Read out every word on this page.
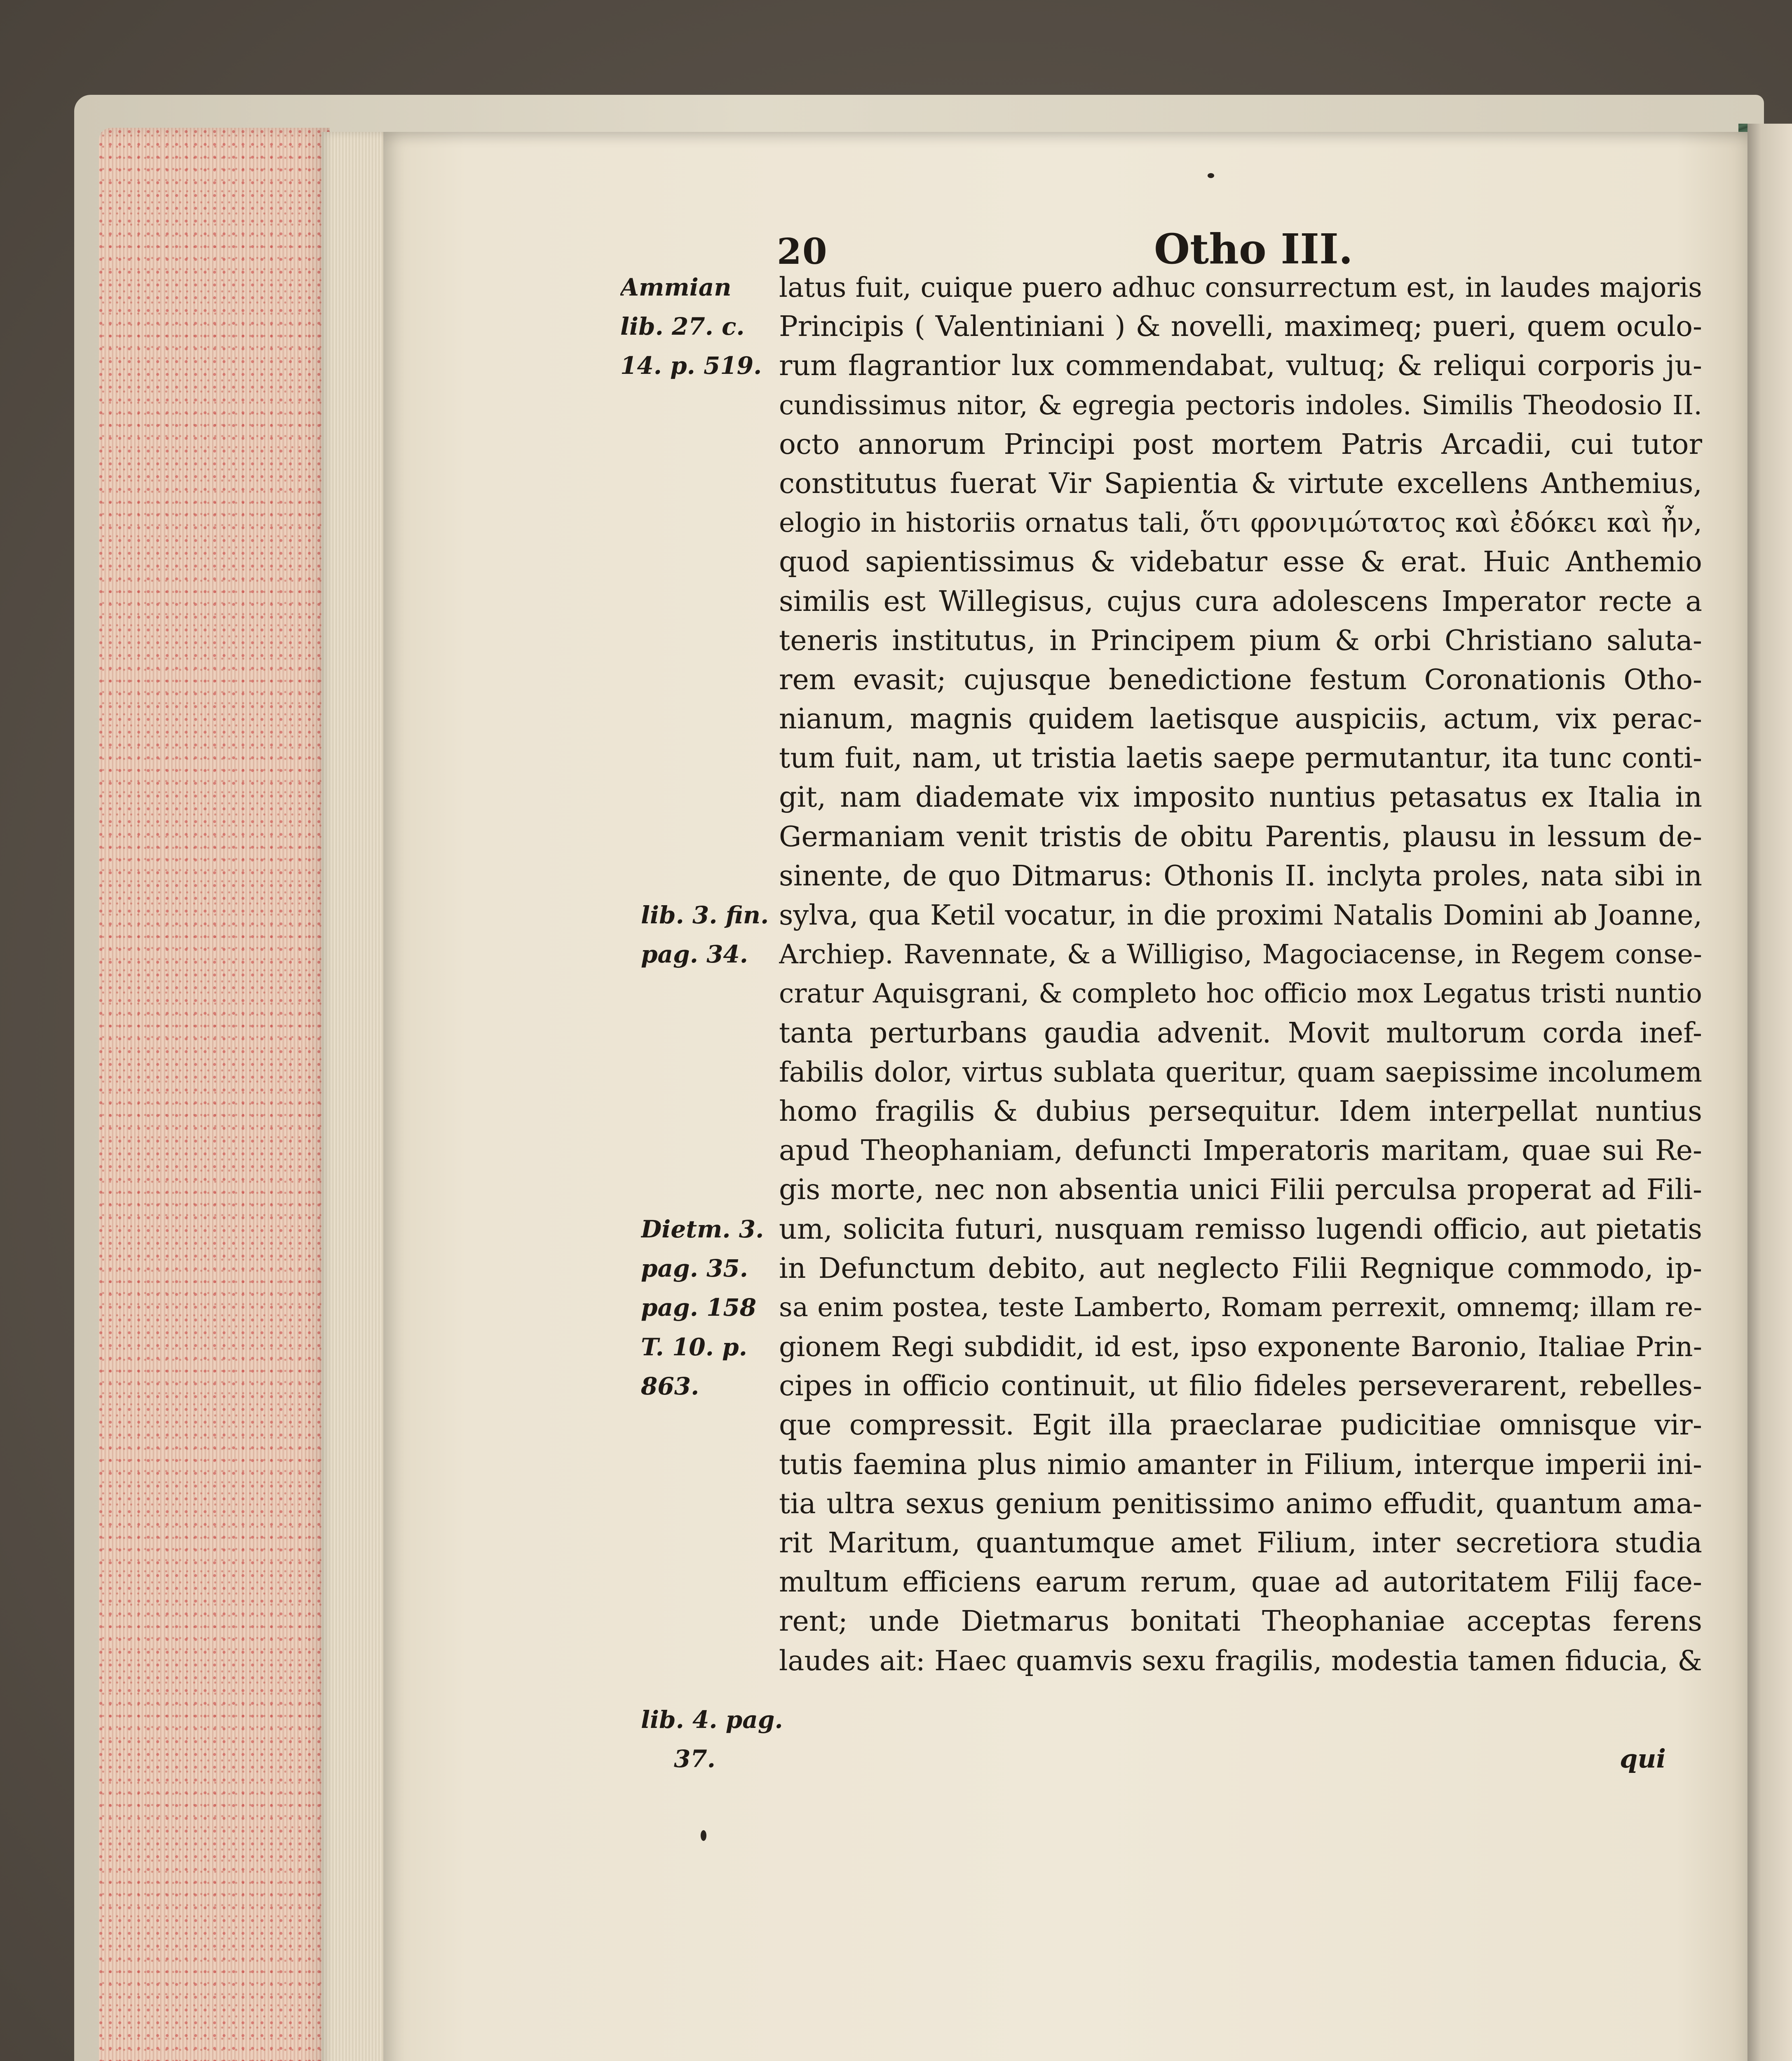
20	Otho III.
Ammian
lib. 27. c.
14. p. 519.
lib. 3. fin.
pag. 34.
Dietm. 3.
pag. 35.
pag. 158
T. 10. p.
863.
lib. 4. pag.
37.
latus fuit, cuique puero adhuc consurrectum est, in laudes majoris
Principis ( Valentiniani ) & novelli, maximeq; pueri, quem oculo-
rum flagrantior lux commendabat, vultuq; & reliqui corporis ju-
cundissimus nitor, & egregia pectoris indoles. Similis Theodosio II.
octo annorum Principi post mortem Patris Arcadii, cui tutor
constitutus fuerat Vir Sapientia & virtute excellens Anthemius,
elogio in historiis ornatus tali, ὅτι φρονιμώτατος καὶ ἐδόκει καὶ ἦν,
quod sapientissimus & videbatur esse & erat. Huic Anthemio
similis est Willegisus, cujus cura adolescens Imperator recte a
teneris institutus, in Principem pium & orbi Christiano saluta-
rem evasit; cujusque benedictione festum Coronationis Otho-
nianum, magnis quidem laetisque auspiciis, actum, vix perac-
tum fuit, nam, ut tristia laetis saepe permutantur, ita tunc conti-
git, nam diademate vix imposito nuntius petasatus ex Italia in
Germaniam venit tristis de obitu Parentis, plausu in lessum de-
sinente, de quo Ditmarus: Othonis II. inclyta proles, nata sibi in
sylva, qua Ketil vocatur, in die proximi Natalis Domini ab Joanne,
Archiep. Ravennate, & a Willigiso, Magociacense, in Regem conse-
cratur Aquisgrani, & completo hoc officio mox Legatus tristi nuntio
tanta perturbans gaudia advenit. Movit multorum corda inef-
fabilis dolor, virtus sublata queritur, quam saepissime incolumem
homo fragilis & dubius persequitur. Idem interpellat nuntius
apud Theophaniam, defuncti Imperatoris maritam, quae sui Re-
gis morte, nec non absentia unici Filii perculsa properat ad Fili-
um, solicita futuri, nusquam remisso lugendi officio, aut pietatis
in Defunctum debito, aut neglecto Filii Regnique commodo, ip-
sa enim postea, teste Lamberto, Romam perrexit, omnemq; illam re-
gionem Regi subdidit, id est, ipso exponente Baronio, Italiae Prin-
cipes in officio continuit, ut filio fideles perseverarent, rebelles-
que compressit. Egit illa praeclarae pudicitiae omnisque vir-
tutis faemina plus nimio amanter in Filium, interque imperii ini-
tia ultra sexus genium penitissimo animo effudit, quantum ama-
rit Maritum, quantumque amet Filium, inter secretiora studia
multum efficiens earum rerum, quae ad autoritatem Filij face-
rent; unde Dietmarus bonitati Theophaniae acceptas ferens
laudes ait: Haec quamvis sexu fragilis, modestia tamen fiducia, &
qui
